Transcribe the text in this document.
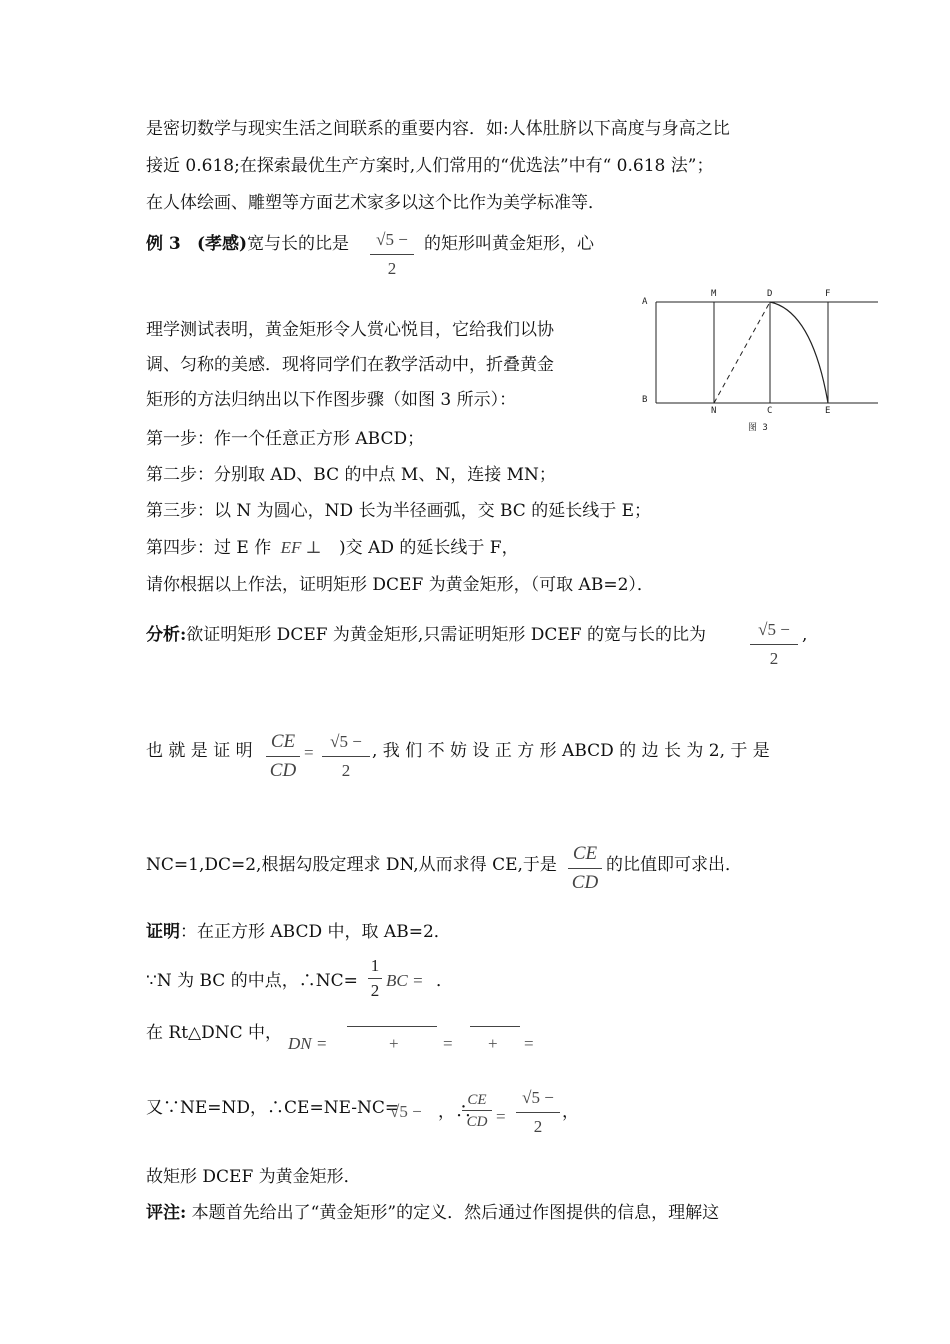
是密切数学与现实生活之间联系的重要内容．如:人体肚脐以下高度与身高之比
接近 0.618;在探索最优生产方案时,人们常用的“优选法”中有“ 0.618 法”；
在人体绘画、雕塑等方面艺术家多以这个比作为美学标准等．
例 3 (孝感)宽与长的比是	√5 −
2
的矩形叫黄金矩形，心
理学测试表明，黄金矩形令人赏心悦目，它给我们以协
调、匀称的美感．现将同学们在教学活动中，折叠黄金
矩形的方法归纳出以下作图步骤（如图 3 所示）：
A
M	D	F
B
N	C	E
图 3
第一步：作一个任意正方形 ABCD；
第二步：分别取 AD、BC 的中点 M、N，连接 MN；
第三步：以 N 为圆心，ND 长为半径画弧，交 BC 的延长线于 E；
第四步：过 E 作 EF ⊥ )交 AD 的延长线于 F，
请你根据以上作法，证明矩形 DCEF 为黄金矩形，（可取 AB=2）．
分析:欲证明矩形 DCEF 为黄金矩形,只需证明矩形 DCEF 的宽与长的比为	√5 −
2
,
也 就 是 证 明 CE
CD
=
√5 −
2
, 我 们 不 妨 设 正 方 形 ABCD 的 边 长 为 2, 于 是
NC=1,DC=2,根据勾股定理求 DN,从而求得 CE,于是
CE
CD
的比值即可求出．
证明：在正方形 ABCD 中，取 AB=2．
∵N 为 BC 的中点，∴NC=
1
2
BC = ．
在 Rt△DNC 中，
DN =	+	= + =
又∵NE=ND，∴CE=NE-NC=
√5 − ，∴
CE
CD =
√5 −
2
，
故矩形 DCEF 为黄金矩形．
评注: 本题首先给出了“黄金矩形”的定义．然后通过作图提供的信息，理解这
